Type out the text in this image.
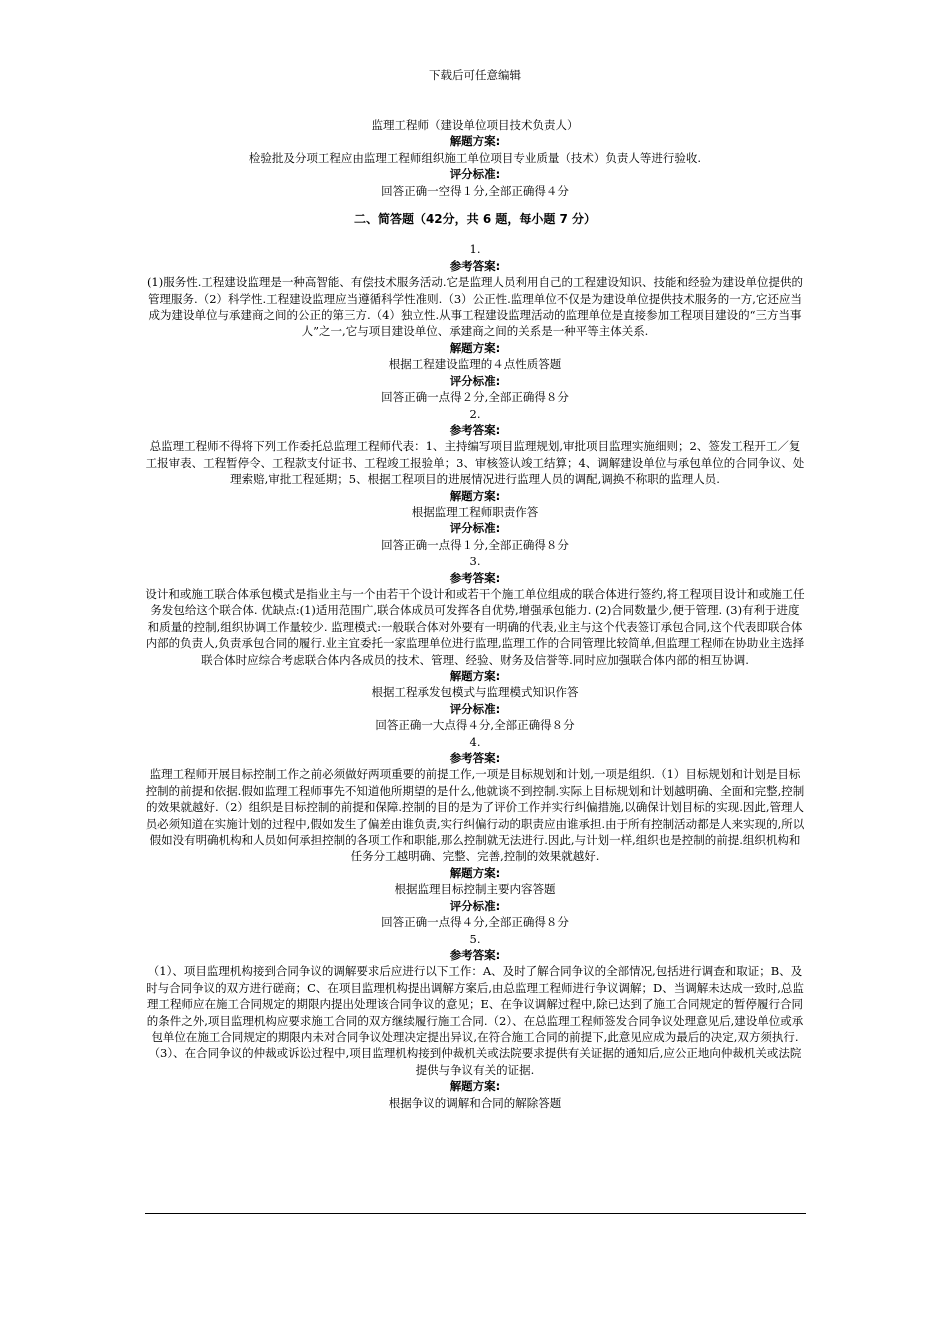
下载后可任意编辑

监理工程师（建设单位项目技术负责人）

解题方案:

检验批及分项工程应由监理工程师组织施工单位项目专业质量（技术）负责人等进行验收.

评分标准:

回答正确一空得１分,全部正确得４分

二、简答题（42分，共 6 题，每小题 7 分）

1.

参考答案:

(1)服务性.工程建设监理是一种高智能、有偿技术服务活动.它是监理人员利用自己的工程建设知识、技能和经验为建设单位提供的管理服务.（2）科学性.工程建设监理应当遵循科学性准则.（3）公正性.监理单位不仅是为建设单位提供技术服务的一方,它还应当成为建设单位与承建商之间的公正的第三方.（4）独立性.从事工程建设监理活动的监理单位是直接参加工程项目建设的“三方当事人”之一,它与项目建设单位、承建商之间的关系是一种平等主体关系.

解题方案:

根据工程建设监理的４点性质答题

评分标准:

回答正确一点得２分,全部正确得８分

2.

参考答案:

总监理工程师不得将下列工作委托总监理工程师代表：1、主持编写项目监理规划,审批项目监理实施细则；2、签发工程开工／复工报审表、工程暂停令、工程款支付证书、工程竣工报验单；3、审核签认竣工结算；4、调解建设单位与承包单位的合同争议、处理索赔,审批工程延期；5、根据工程项目的进展情况进行监理人员的调配,调换不称职的监理人员.

解题方案:

根据监理工程师职责作答

评分标准:

回答正确一点得１分,全部正确得８分

3.

参考答案:

设计和或施工联合体承包模式是指业主与一个由若干个设计和或若干个施工单位组成的联合体进行签约,将工程项目设计和或施工任务发包给这个联合体. 优缺点:(1)适用范围广,联合体成员可发挥各自优势,增强承包能力. (2)合同数量少,便于管理. (3)有利于进度和质量的控制,组织协调工作量较少. 监理模式:一般联合体对外要有一明确的代表,业主与这个代表签订承包合同,这个代表即联合体内部的负责人,负责承包合同的履行.业主宜委托一家监理单位进行监理,监理工作的合同管理比较简单,但监理工程师在协助业主选择联合体时应综合考虑联合体内各成员的技术、管理、经验、财务及信誉等.同时应加强联合体内部的相互协调.

解题方案:

根据工程承发包模式与监理模式知识作答

评分标准:

回答正确一大点得４分,全部正确得８分

4.

参考答案:

监理工程师开展目标控制工作之前必须做好两项重要的前提工作,一项是目标规划和计划,一项是组织.（1）目标规划和计划是目标控制的前提和依据.假如监理工程师事先不知道他所期望的是什么,他就谈不到控制.实际上目标规划和计划越明确、全面和完整,控制的效果就越好.（2）组织是目标控制的前提和保障.控制的目的是为了评价工作并实行纠偏措施,以确保计划目标的实现.因此,管理人员必须知道在实施计划的过程中,假如发生了偏差由谁负责,实行纠偏行动的职责应由谁承担.由于所有控制活动都是人来实现的,所以假如没有明确机构和人员如何承担控制的各项工作和职能,那么控制就无法进行.因此,与计划一样,组织也是控制的前提.组织机构和任务分工越明确、完整、完善,控制的效果就越好.

解题方案:

根据监理目标控制主要内容答题

评分标准:

回答正确一点得４分,全部正确得８分

5.

参考答案:

（1）、项目监理机构接到合同争议的调解要求后应进行以下工作：A、及时了解合同争议的全部情况,包括进行调查和取证；B、及时与合同争议的双方进行磋商；C、在项目监理机构提出调解方案后,由总监理工程师进行争议调解；D、当调解未达成一致时,总监理工程师应在施工合同规定的期限内提出处理该合同争议的意见；E、在争议调解过程中,除已达到了施工合同规定的暂停履行合同的条件之外,项目监理机构应要求施工合同的双方继续履行施工合同.（2）、在总监理工程师签发合同争议处理意见后,建设单位或承包单位在施工合同规定的期限内未对合同争议处理决定提出异议,在符合施工合同的前提下,此意见应成为最后的决定,双方须执行.（3）、在合同争议的仲裁或诉讼过程中,项目监理机构接到仲裁机关或法院要求提供有关证据的通知后,应公正地向仲裁机关或法院提供与争议有关的证据.

解题方案:

根据争议的调解和合同的解除答题
